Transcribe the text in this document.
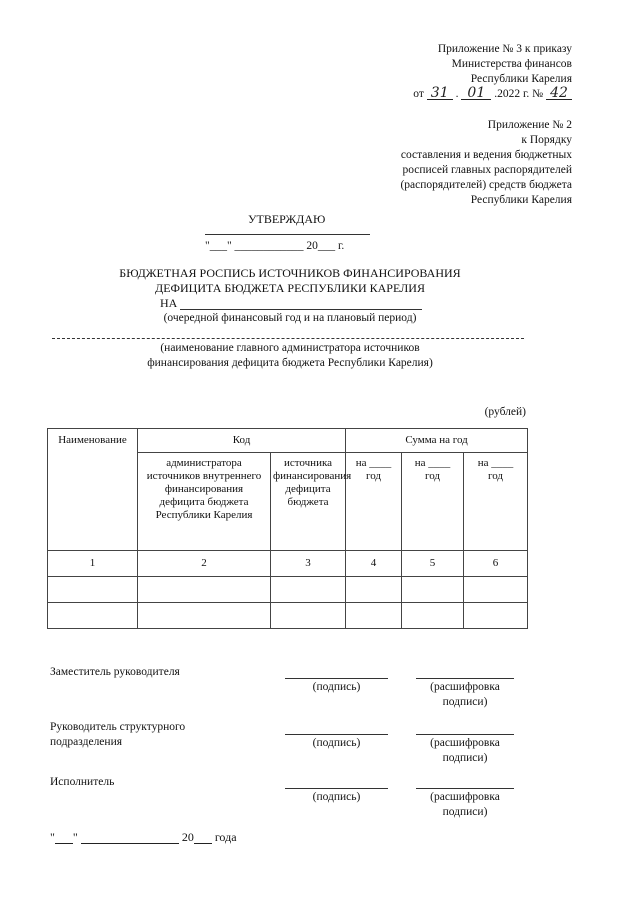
Приложение № 3 к приказу
Министерства финансов
Республики Карелия
от 31 . 01 .2022 г. № 42
Приложение № 2
к Порядку
составления и ведения бюджетных
росписей главных распорядителей
(распорядителей) средств бюджета
Республики Карелия
УТВЕРЖДАЮ
"___" ____________ 20___ г.
БЮДЖЕТНАЯ РОСПИСЬ ИСТОЧНИКОВ ФИНАНСИРОВАНИЯ
ДЕФИЦИТА БЮДЖЕТА РЕСПУБЛИКИ КАРЕЛИЯ
НА
(очередной финансовый год и на плановый период)
(наименование главного администратора источников
финансирования дефицита бюджета Республики Карелия)
(рублей)
Наименование	Код		Сумма на год		
	администратора источников внутреннего финансирования дефицита бюджета Республики Карелия	источника финансирования дефицита бюджета	на ____ год	на ____ год	на ____ год
1	2	3	4	5	6

Заместитель руководителя
(подпись)	(расшифровка
подписи)
Руководитель структурного
подразделения	(подпись)	(расшифровка
подписи)
Исполнитель
(подпись)	(расшифровка
подписи)
" "	20 года
